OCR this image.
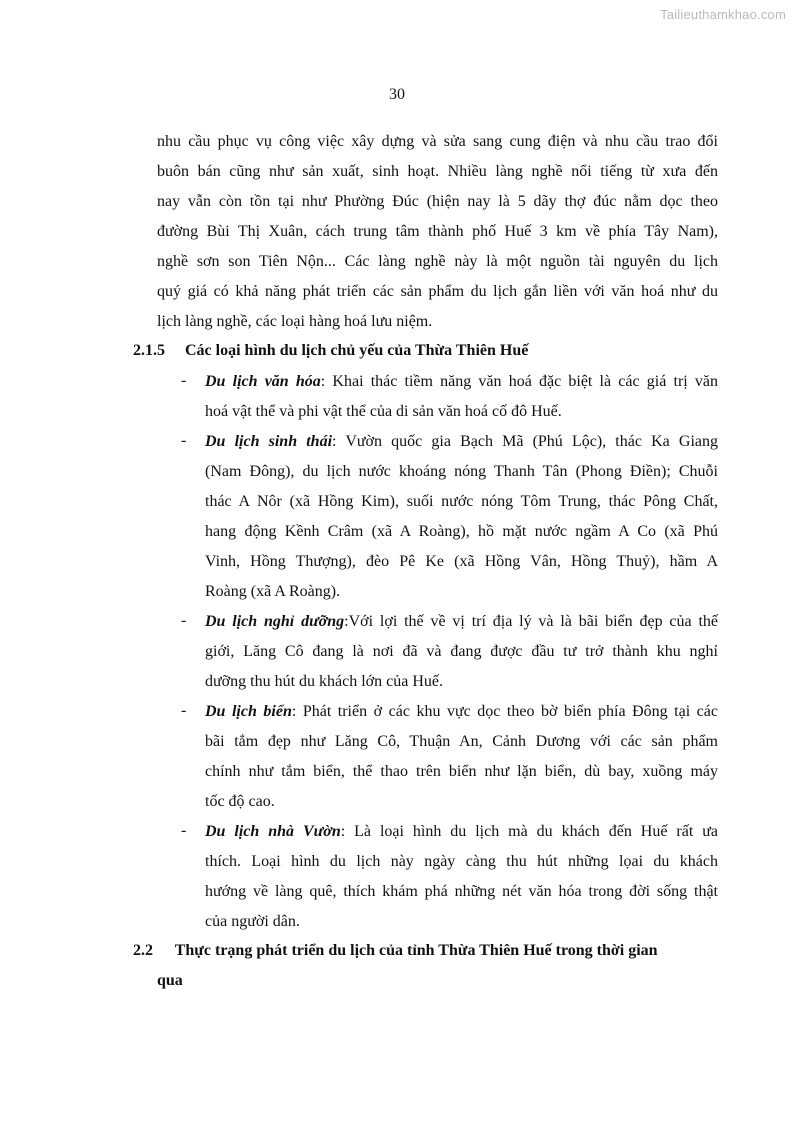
Tailieuthamkhao.com
30
nhu cầu phục vụ công việc xây dựng và sửa sang cung điện và nhu cầu trao đổi
buôn bán cũng như sản xuất, sinh hoạt. Nhiều làng nghề nổi tiếng từ xưa đến
nay vẫn còn tồn tại như Phường Đúc (hiện nay là 5 dãy thợ đúc nằm dọc theo
đường Bùi Thị Xuân, cách trung tâm thành phố Huế 3 km về phía Tây Nam),
nghề sơn son Tiên Nộn... Các làng nghề này là một nguồn tài nguyên du lịch
quý giá có khả năng phát triển các sản phẩm du lịch gắn liền với văn hoá như du
lịch làng nghề, các loại hàng hoá lưu niệm.
2.1.5 Các loại hình du lịch chủ yếu của Thừa Thiên Huế
- Du lịch văn hóa: Khai thác tiềm năng văn hoá đặc biệt là các giá trị văn
hoá vật thể và phi vật thể của di sản văn hoá cố đô Huế.
- Du lịch sinh thái: Vườn quốc gia Bạch Mã (Phú Lộc), thác Ka Giang
(Nam Đông), du lịch nước khoáng nóng Thanh Tân (Phong Điền); Chuỗi
thác A Nôr (xã Hồng Kim), suối nước nóng Tôm Trung, thác Pông Chất,
hang động Kềnh Crâm (xã A Roàng), hồ mặt nước ngầm A Co (xã Phú
Vinh, Hồng Thượng), đèo Pê Ke (xã Hồng Vân, Hồng Thuỷ), hầm A
Roàng (xã A Roàng).
- Du lịch nghỉ dưỡng:Với lợi thế về vị trí địa lý và là bãi biển đẹp của thế
giới, Lăng Cô đang là nơi đã và đang được đầu tư trở thành khu nghỉ
dưỡng thu hút du khách lớn của Huế.
- Du lịch biển: Phát triển ở các khu vực dọc theo bờ biển phía Đông tại các
bãi tắm đẹp như Lăng Cô, Thuận An, Cảnh Dương với các sản phẩm
chính như tắm biển, thể thao trên biển như lặn biển, dù bay, xuồng máy
tốc độ cao.
- Du lịch nhà Vườn: Là loại hình du lịch mà du khách đến Huế rất ưa
thích. Loại hình du lịch này ngày càng thu hút những lọai du khách
hướng về làng quê, thích khám phá những nét văn hóa trong đời sống thật
của người dân.
2.2 Thực trạng phát triển du lịch của tỉnh Thừa Thiên Huế trong thời gian
qua
